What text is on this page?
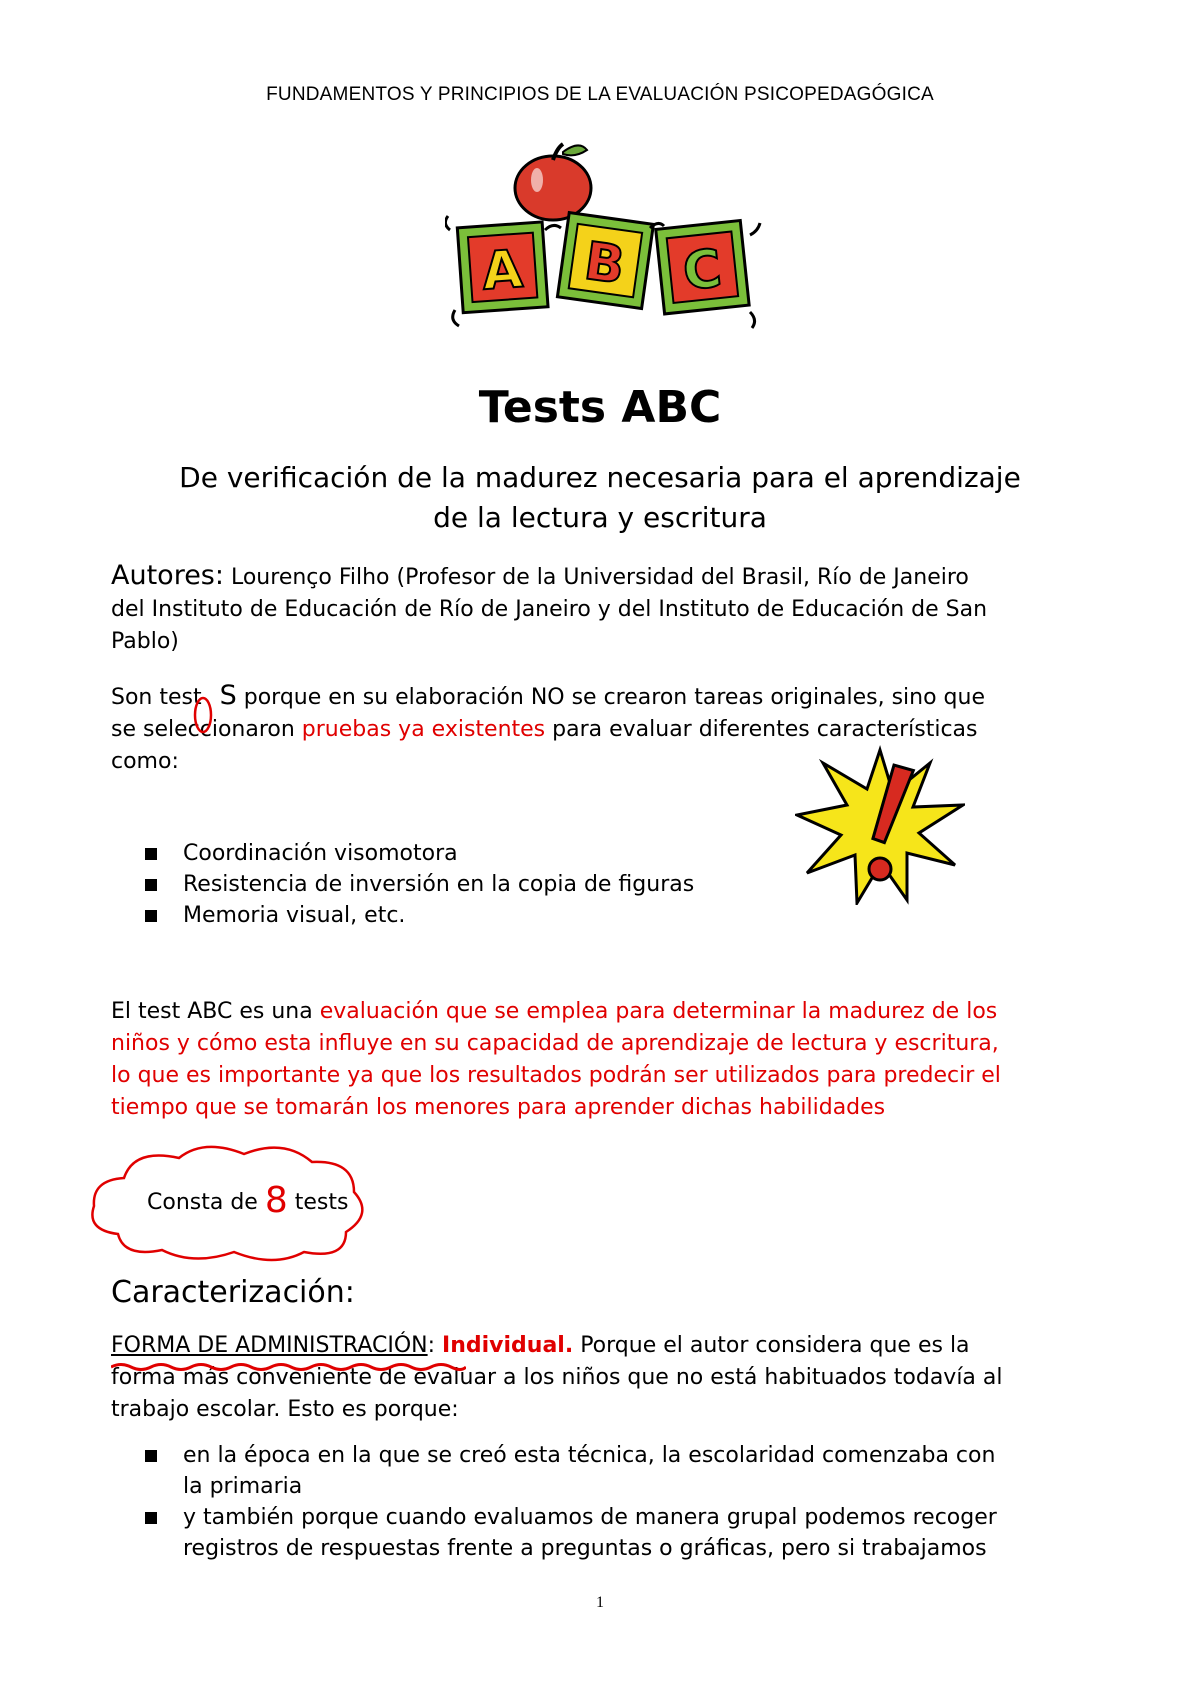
FUNDAMENTOS Y PRINCIPIOS DE LA EVALUACIÓN PSICOPEDAGÓGICA
A B C
Tests ABC
De verificación de la madurez necesaria para el aprendizaje
de la lectura y escritura
Autores: Lourenço Filho (Profesor de la Universidad del Brasil, Río de Janeiro
del Instituto de Educación de Río de Janeiro y del Instituto de Educación de San
Pablo)
Son test S porque en su elaboración NO se crearon tareas originales, sino que
se seleccionaron pruebas ya existentes para evaluar diferentes características
como:
Coordinación visomotora
Resistencia de inversión en la copia de figuras
Memoria visual, etc.
El test ABC es una evaluación que se emplea para determinar la madurez de los
niños y cómo esta influye en su capacidad de aprendizaje de lectura y escritura,
lo que es importante ya que los resultados podrán ser utilizados para predecir el
tiempo que se tomarán los menores para aprender dichas habilidades
Consta de 8 tests
Caracterización:
FORMA DE ADMINISTRACIÓN: Individual. Porque el autor considera que es la
forma más conveniente de evaluar a los niños que no está habituados todavía al
trabajo escolar. Esto es porque:
en la época en la que se creó esta técnica, la escolaridad comenzaba con
la primaria
y también porque cuando evaluamos de manera grupal podemos recoger
registros de respuestas frente a preguntas o gráficas, pero si trabajamos
1
